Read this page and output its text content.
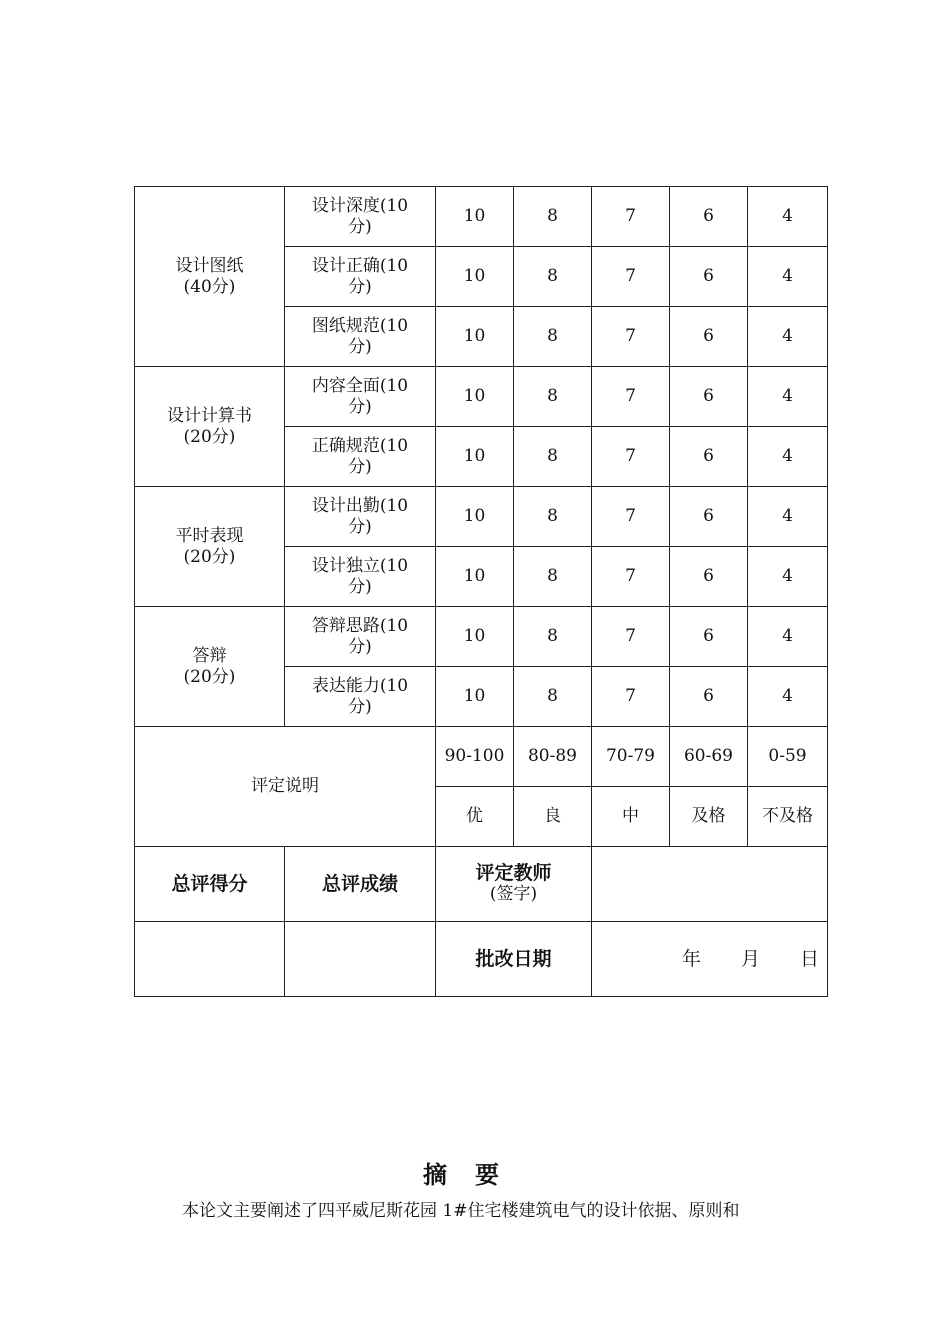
设计图纸
(40分)	设计深度(10
分)	10	8	7	6	4

	设计正确(10
分)	10	8	7	6	4

	图纸规范(10
分)	10	8	7	6	4

设计计算书
(20分)	内容全面(10
分)	10	8	7	6	4

	正确规范(10
分)	10	8	7	6	4

平时表现
(20分)	设计出勤(10
分)	10	8	7	6	4

	设计独立(10
分)	10	8	7	6	4

答辩
(20分)	答辩思路(10
分)	10	8	7	6	4

	表达能力(10
分)	10	8	7	6	4
评定说明		90-100	80-89	70-79	60-69	0-59
		优	良	中	及格	不及格
总评得分	总评成绩	评定教师
(签字)				

		批改日期		年 月 日		
摘要
本论文主要阐述了四平威尼斯花园 1#住宅楼建筑电气的设计依据、原则和
